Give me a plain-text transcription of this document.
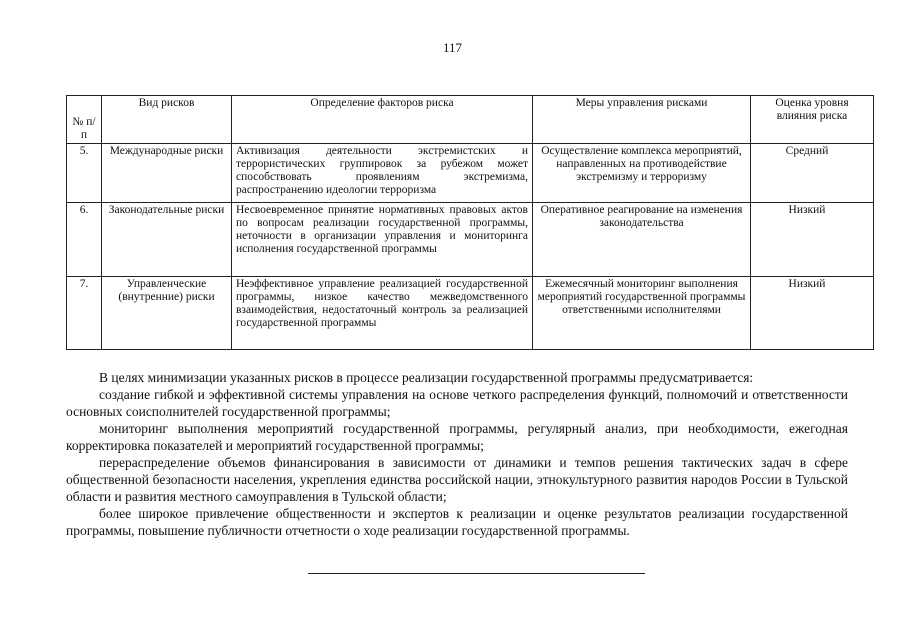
117
№ п/п	Вид рисков	Определение факторов риска	Меры управления рисками	Оценка уровня влияния риска
5.	Международные риски	Активизация деятельности экстремистских и террористических группировок за рубежом может способствовать проявлениям экстремизма, распространению идеологии терроризма	Осуществление комплекса мероприятий, направленных на противодействие экстремизму и терроризму	Средний
6.	Законодательные риски	Несвоевременное принятие нормативных правовых актов по вопросам реализации государственной программы, неточности в организации управления и мониторинга исполнения государственной программы	Оперативное реагирование на изменения законодательства	Низкий
7.	Управленческие (внутренние) риски	Неэффективное управление реализацией государственной программы, низкое качество межведомственного взаимодействия, недостаточный контроль за реализацией государственной программы	Ежемесячный мониторинг выполнения мероприятий государственной программы ответственными исполнителями	Низкий

В целях минимизации указанных рисков в процессе реализации государственной программы предусматривается:

создание гибкой и эффективной системы управления на основе четкого распределения функций, полномочий и ответственности основных соисполнителей государственной программы;

мониторинг выполнения мероприятий государственной программы, регулярный анализ, при необходимости, ежегодная корректировка показателей и мероприятий государственной программы;

перераспределение объемов финансирования в зависимости от динамики и темпов решения тактических задач в сфере общественной безопасности населения, укрепления единства российской нации, этнокультурного развития народов России в Тульской области и развития местного самоуправления в Тульской области;

более широкое привлечение общественности и экспертов к реализации и оценке результатов реализации государственной программы, повышение публичности отчетности о ходе реализации государственной программы.
